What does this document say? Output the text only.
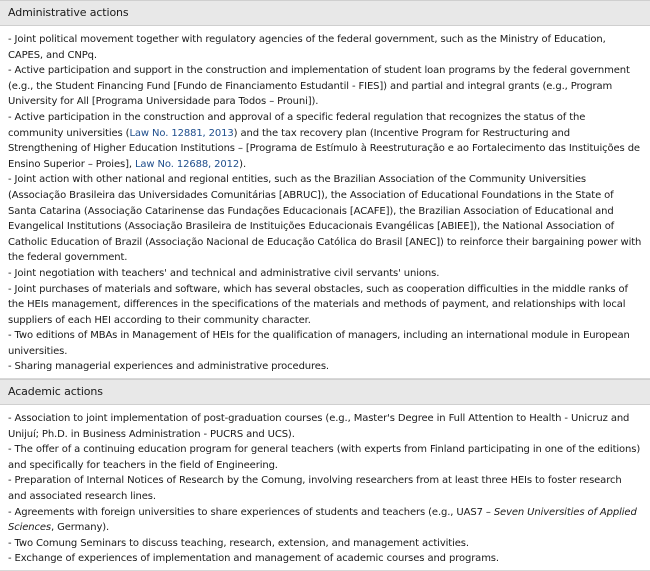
Administrative actions

- Joint political movement together with regulatory agencies of the federal government, such as the Ministry of Education, CAPES, and CNPq.

- Active participation and support in the construction and implementation of student loan programs by the federal government (e.g., the Student Financing Fund [Fundo de Financiamento Estudantil - FIES]) and partial and integral grants (e.g., Program University for All [Programa Universidade para Todos – Prouni]).

- Active participation in the construction and approval of a specific federal regulation that recognizes the status of the community universities (Law No. 12881, 2013) and the tax recovery plan (Incentive Program for Restructuring and Strengthening of Higher Education Institutions – [Programa de Estímulo à Reestruturação e ao Fortalecimento das Instituições de Ensino Superior – Proies], Law No. 12688, 2012).

- Joint action with other national and regional entities, such as the Brazilian Association of the Community Universities (Associação Brasileira das Universidades Comunitárias [ABRUC]), the Association of Educational Foundations in the State of Santa Catarina (Associação Catarinense das Fundações Educacionais [ACAFE]), the Brazilian Association of Educational and Evangelical Institutions (Associação Brasileira de Instituições Educacionais Evangélicas [ABIEE]), the National Association of Catholic Education of Brazil (Associação Nacional de Educação Católica do Brasil [ANEC]) to reinforce their bargaining power with the federal government.

- Joint negotiation with teachers' and technical and administrative civil servants' unions.

- Joint purchases of materials and software, which has several obstacles, such as cooperation difficulties in the middle ranks of the HEIs management, differences in the specifications of the materials and methods of payment, and relationships with local suppliers of each HEI according to their community character.

- Two editions of MBAs in Management of HEIs for the qualification of managers, including an international module in European universities.

- Sharing managerial experiences and administrative procedures.

Academic actions

- Association to joint implementation of post-graduation courses (e.g., Master's Degree in Full Attention to Health - Unicruz and Unijuí; Ph.D. in Business Administration - PUCRS and UCS).

- The offer of a continuing education program for general teachers (with experts from Finland participating in one of the editions) and specifically for teachers in the field of Engineering.

- Preparation of Internal Notices of Research by the Comung, involving researchers from at least three HEIs to foster research and associated research lines.

- Agreements with foreign universities to share experiences of students and teachers (e.g., UAS7 – Seven Universities of Applied Sciences, Germany).

- Two Comung Seminars to discuss teaching, research, extension, and management activities.

- Exchange of experiences of implementation and management of academic courses and programs.
